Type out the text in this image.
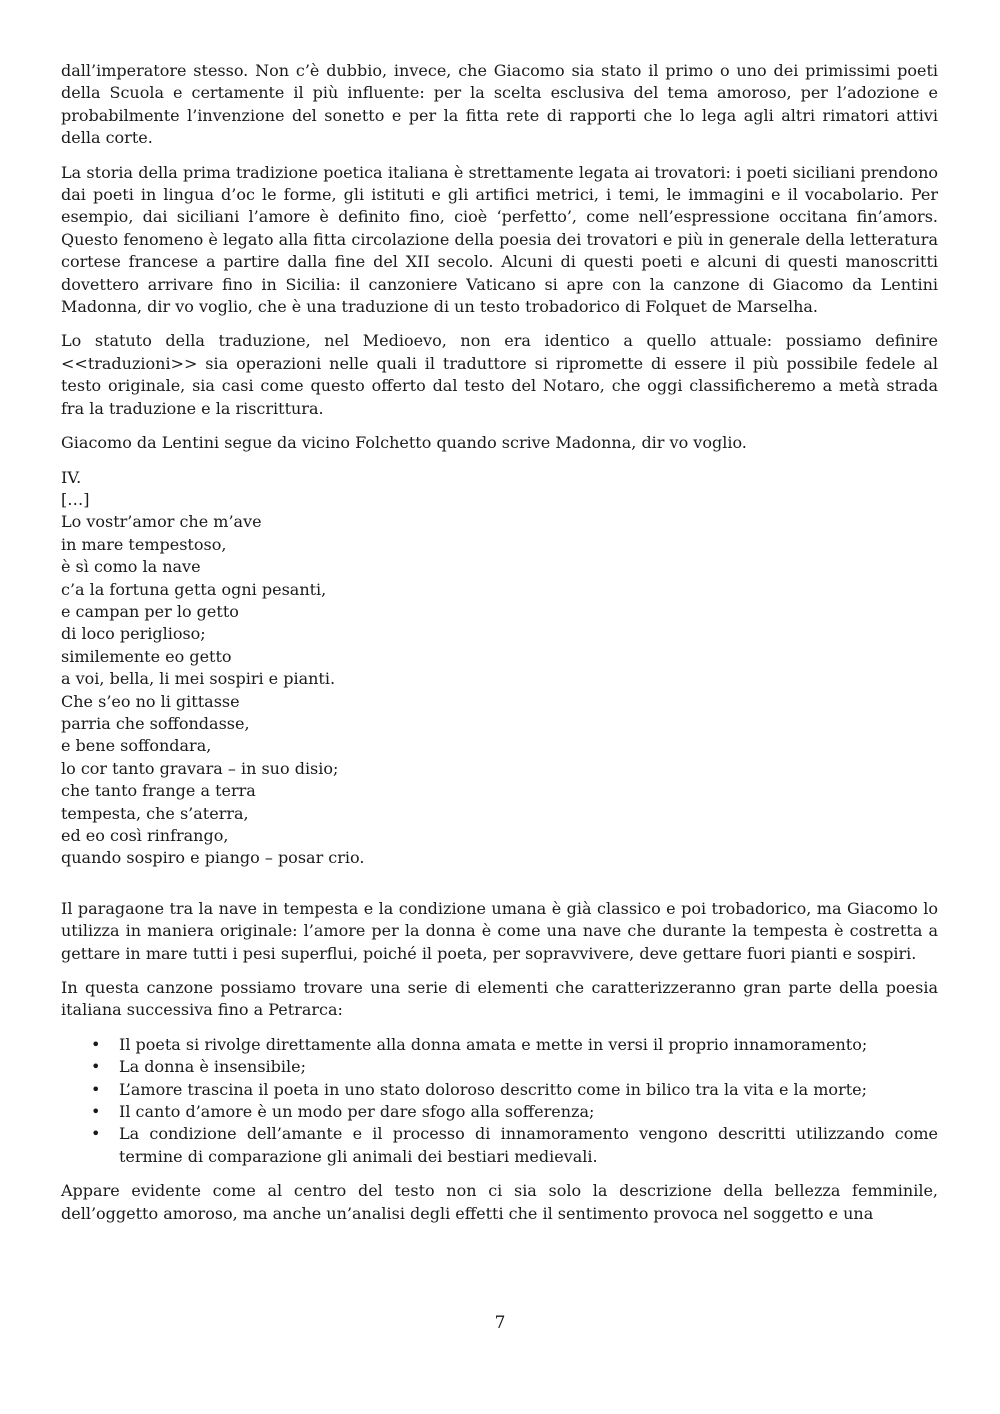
dall’imperatore stesso. Non c’è dubbio, invece, che Giacomo sia stato il primo o uno dei primissimi poeti della Scuola e certamente il più influente: per la scelta esclusiva del tema amoroso, per l’adozione e probabilmente l’invenzione del sonetto e per la fitta rete di rapporti che lo lega agli altri rimatori attivi della corte.

La storia della prima tradizione poetica italiana è strettamente legata ai trovatori: i poeti siciliani prendono dai poeti in lingua d’oc le forme, gli istituti e gli artifici metrici, i temi, le immagini e il vocabolario. Per esempio, dai siciliani l’amore è definito fino, cioè ‘perfetto’, come nell’espressione occitana fin’amors. Questo fenomeno è legato alla fitta circolazione della poesia dei trovatori e più in generale della letteratura cortese francese a partire dalla fine del XII secolo. Alcuni di questi poeti e alcuni di questi manoscritti dovettero arrivare fino in Sicilia: il canzoniere Vaticano si apre con la canzone di Giacomo da Lentini Madonna, dir vo voglio, che è una traduzione di un testo trobadorico di Folquet de Marselha.

Lo statuto della traduzione, nel Medioevo, non era identico a quello attuale: possiamo definire <<traduzioni>> sia operazioni nelle quali il traduttore si ripromette di essere il più possibile fedele al testo originale, sia casi come questo offerto dal testo del Notaro, che oggi classificheremo a metà strada fra la traduzione e la riscrittura.

Giacomo da Lentini segue da vicino Folchetto quando scrive Madonna, dir vo voglio.

IV.
[…]
Lo vostr’amor che m’ave
in mare tempestoso,
è sì como la nave
c’a la fortuna getta ogni pesanti,
e campan per lo getto
di loco periglioso;
similemente eo getto
a voi, bella, li mei sospiri e pianti.
Che s’eo no li gittasse
parria che soffondasse,
e bene soffondara,
lo cor tanto gravara – in suo disio;
che tanto frange a terra
tempesta, che s’aterra,
ed eo così rinfrango,
quando sospiro e piango – posar crio.

Il paragaone tra la nave in tempesta e la condizione umana è già classico e poi trobadorico, ma Giacomo lo utilizza in maniera originale: l’amore per la donna è come una nave che durante la tempesta è costretta a gettare in mare tutti i pesi superflui, poiché il poeta, per sopravvivere, deve gettare fuori pianti e sospiri.

In questa canzone possiamo trovare una serie di elementi che caratterizzeranno gran parte della poesia italiana successiva fino a Petrarca:

• Il poeta si rivolge direttamente alla donna amata e mette in versi il proprio innamoramento;
• La donna è insensibile;
• L’amore trascina il poeta in uno stato doloroso descritto come in bilico tra la vita e la morte;
• Il canto d’amore è un modo per dare sfogo alla sofferenza;
• La condizione dell’amante e il processo di innamoramento vengono descritti utilizzando come termine di comparazione gli animali dei bestiari medievali.

Appare evidente come al centro del testo non ci sia solo la descrizione della bellezza femminile, dell’oggetto amoroso, ma anche un’analisi degli effetti che il sentimento provoca nel soggetto e una

7
